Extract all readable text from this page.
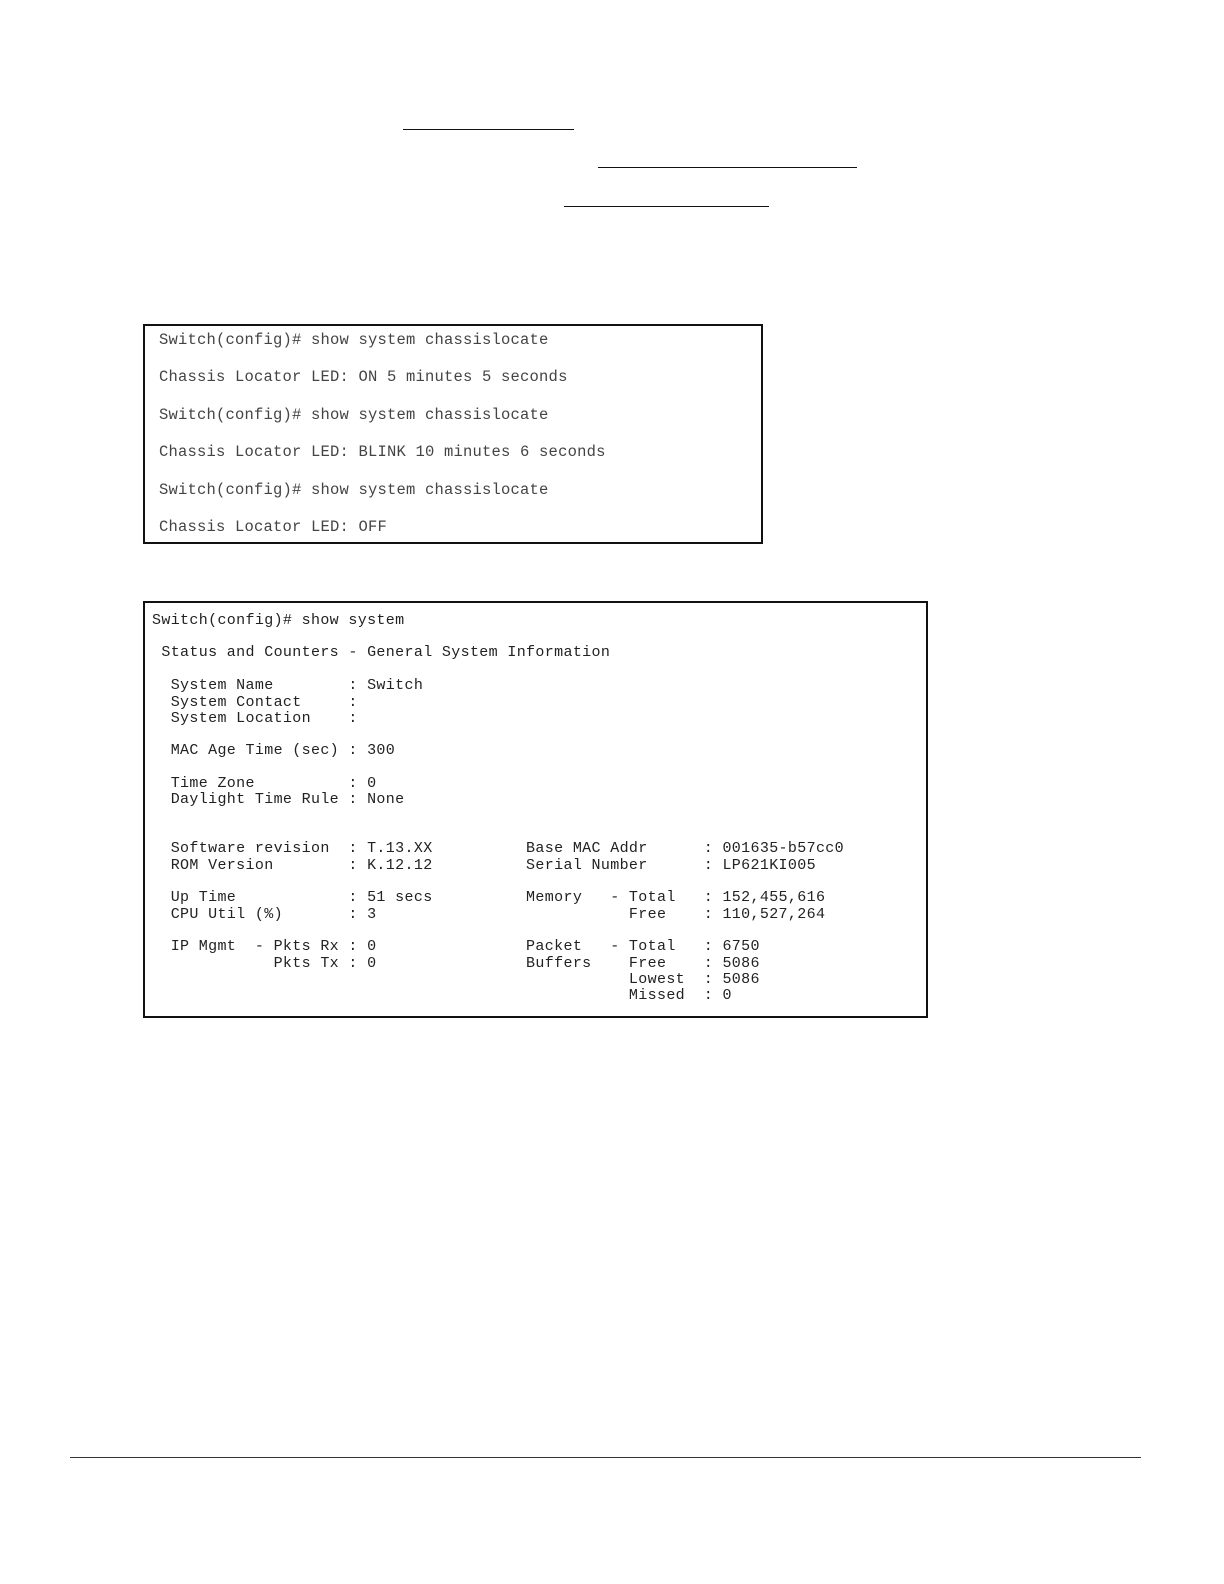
Switch(config)# show system chassislocate
Chassis Locator LED: ON 5 minutes 5 seconds
Switch(config)# show system chassislocate
Chassis Locator LED: BLINK 10 minutes 6 seconds
Switch(config)# show system chassislocate
Chassis Locator LED: OFF
Switch(config)# show system
Status and Counters - General System Information
System Name        : Switch
System Contact     :
System Location    :
MAC Age Time (sec) : 300
Time Zone          : 0
Daylight Time Rule : None
Software revision  : T.13.XX          Base MAC Addr      : 001635-b57cc0
ROM Version        : K.12.12          Serial Number      : LP621KI005
Up Time            : 51 secs          Memory   - Total   : 152,455,616
CPU Util (%)       : 3                           Free    : 110,527,264
IP Mgmt  - Pkts Rx : 0                Packet   - Total   : 6750
Pkts Tx : 0                Buffers    Free    : 5086
Lowest  : 5086
Missed  : 0
